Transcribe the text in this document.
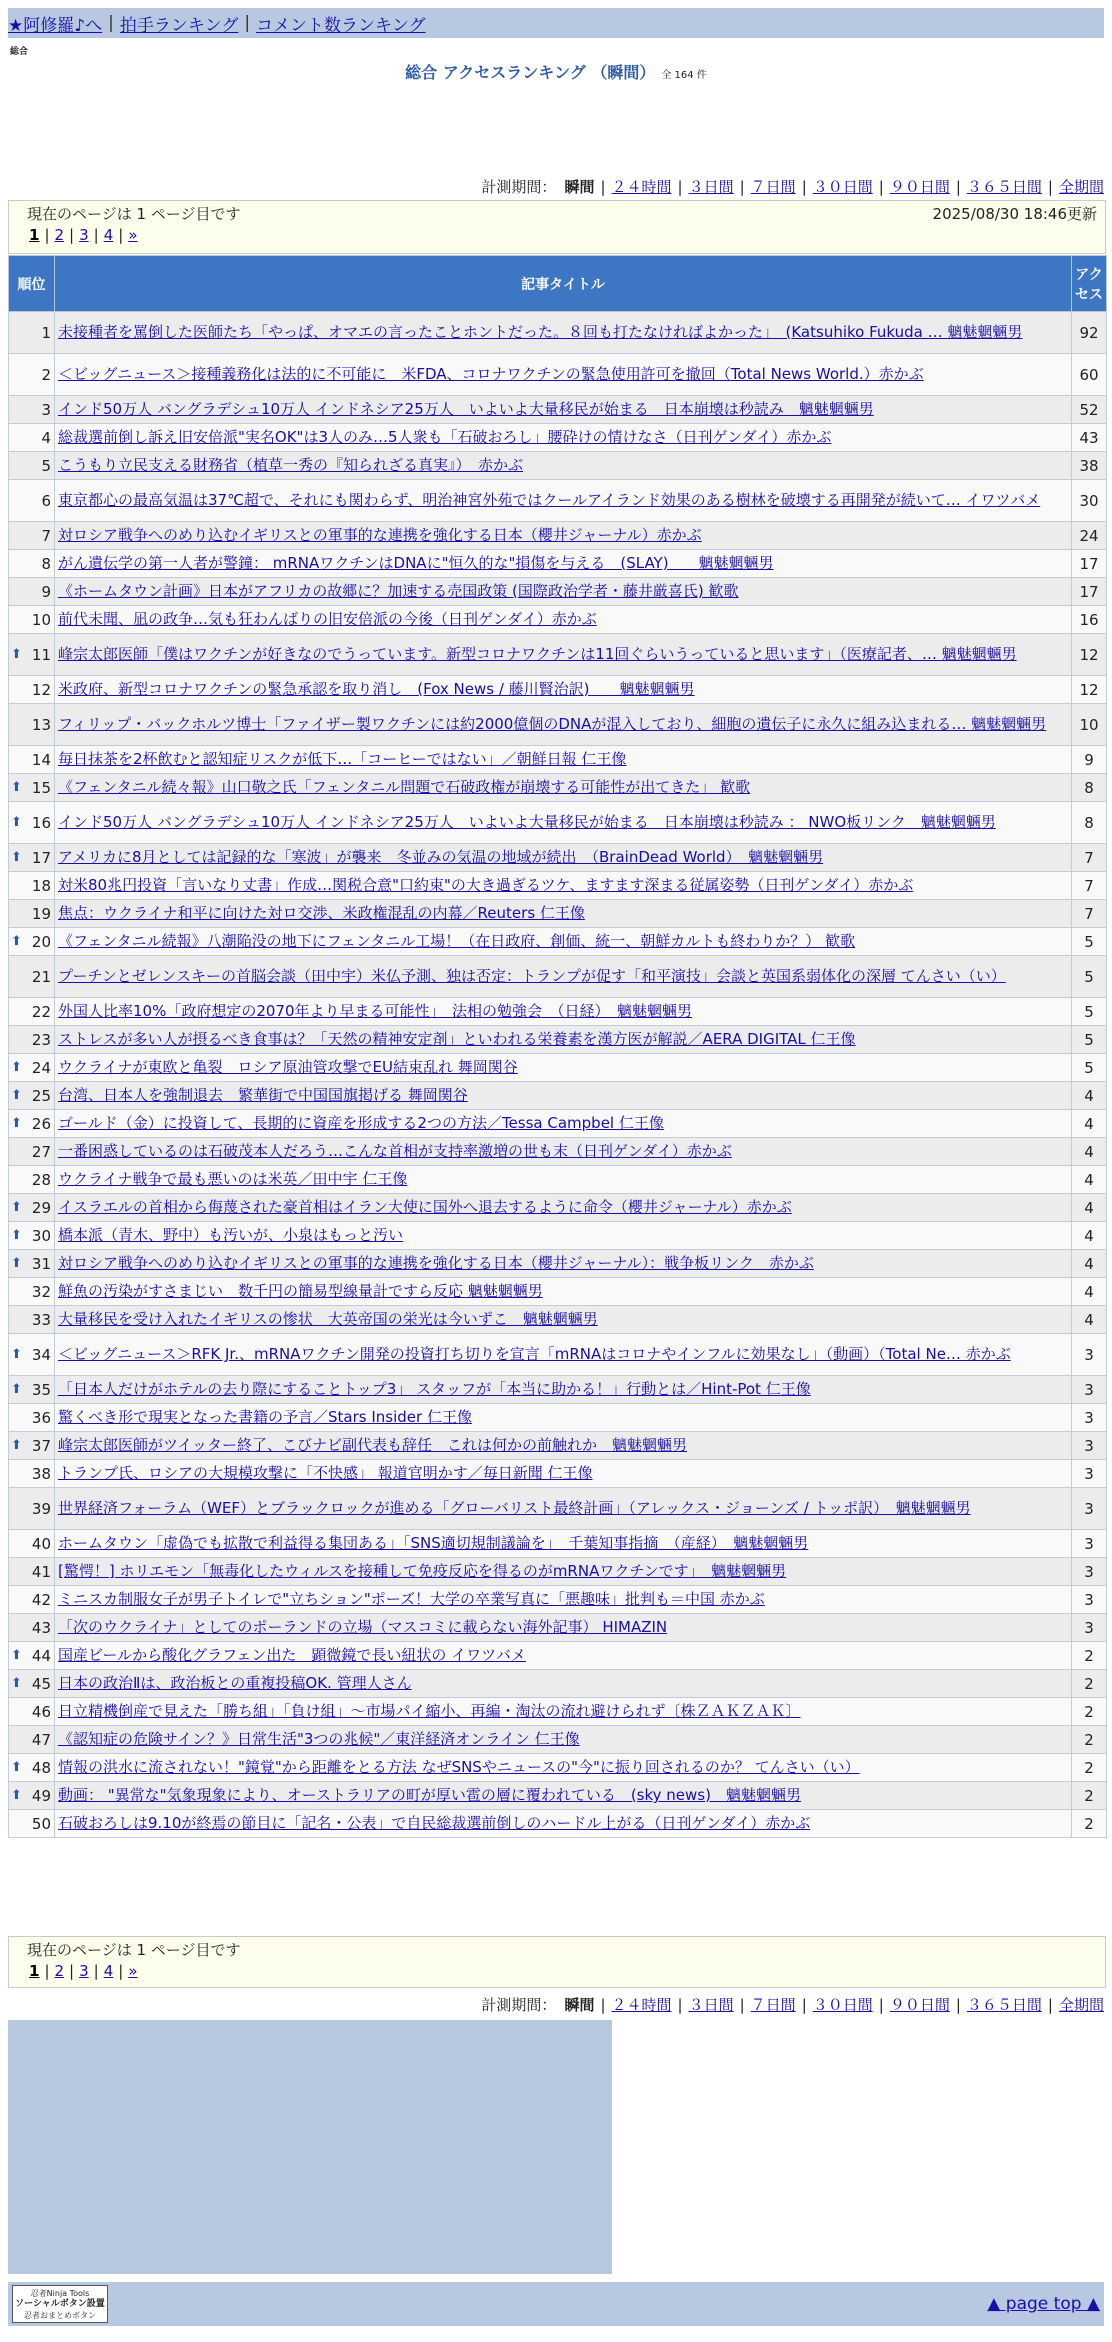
★阿修羅♪へ | 拍手ランキング | コメント数ランキング
総合
総合 アクセスランキング （瞬間） 全 164 件
計測期間： 瞬間 | ２４時間 | ３日間 | ７日間 | ３０日間 | ９０日間 | ３６５日間 | 全期間
現在のページは 1 ページ目です	2025/08/30 18:46更新
1 | 2 | 3 | 4 | »
順位	記事タイトル	アクセス
1	未接種者を罵倒した医師たち「やっぱ、オマエの言ったことホントだった。８回も打たなければよかった」　(Katsuhiko Fukuda … 魑魅魍魎男	92
2	＜ビッグニュース＞接種義務化は法的に不可能に　米FDA、コロナワクチンの緊急使用許可を撤回（Total News World.）赤かぶ	60
3	インド50万人 バングラデシュ10万人 インドネシア25万人　いよいよ大量移民が始まる　日本崩壊は秒読み　魑魅魍魎男	52
4	総裁選前倒し訴え旧安倍派"実名OK"は3人のみ…5人衆も「石破おろし」腰砕けの情けなさ（日刊ゲンダイ）赤かぶ	43
5	こうもり立民支える財務省（植草一秀の『知られざる真実』）　赤かぶ	38
6	東京都心の最高気温は37℃超で、それにも関わらず、明治神宮外苑ではクールアイランド効果のある樹林を破壊する再開発が続いて… イワツバメ	30
7	対ロシア戦争へのめり込むイギリスとの軍事的な連携を強化する日本（櫻井ジャーナル）赤かぶ	24
8	がん遺伝学の第一人者が警鐘： mRNAワクチンはDNAに"恒久的な"損傷を与える　(SLAY)　　魑魅魍魎男	17
9	《ホームタウン計画》日本がアフリカの故郷に？加速する売国政策 (国際政治学者・藤井厳喜氏) 歓歌	17
10	前代未聞、凪の政争…気も狂わんばりの旧安倍派の今後（日刊ゲンダイ）赤かぶ	16

⬆ 11	峰宗太郎医師「僕はワクチンが好きなのでうっています。新型コロナワクチンは11回ぐらいうっていると思います」（医療記者、… 魑魅魍魎男	12
12	米政府、新型コロナワクチンの緊急承認を取り消し　(Fox News / 藤川賢治訳)　　魑魅魍魎男	12
13	フィリップ・バックホルツ博士「ファイザー製ワクチンには約2000億個のDNAが混入しており、細胞の遺伝子に永久に組み込まれる… 魑魅魍魎男	10
14	毎日抹茶を2杯飲むと認知症リスクが低下…「コーヒーではない」／朝鮮日報 仁王像	9

⬆ 15	《フェンタニル続々報》山口敬之氏「フェンタニル問題で石破政権が崩壊する可能性が出てきた」 歓歌	8

⬆ 16	インド50万人 バングラデシュ10万人 インドネシア25万人　いよいよ大量移民が始まる　日本崩壊は秒読み ： NWO板リンク　魑魅魍魎男	8

⬆ 17	アメリカに8月としては記録的な「寒波」が襲来　冬並みの気温の地域が続出　（BrainDead World）　魑魅魍魎男	7
18	対米80兆円投資「言いなり丈書」作成…関税合意"口約束"の大き過ぎるツケ、ますます深まる従属姿勢（日刊ゲンダイ）赤かぶ	7
19	焦点：ウクライナ和平に向けた対ロ交渉、米政権混乱の内幕／Reuters 仁王像	7

⬆ 20	《フェンタニル続報》八潮陥没の地下にフェンタニル工場！（在日政府、創価、統一、朝鮮カルトも終わりか？） 歓歌	5
21	プーチンとゼレンスキーの首脳会談（田中宇）米仏予測、独は否定：トランプが促す「和平演技」会談と英国系弱体化の深層 てんさい（い）	5
22	外国人比率10%「政府想定の2070年より早まる可能性」　法相の勉強会　（日経）　魑魅魍魎男	5
23	ストレスが多い人が摂るべき食事は？「天然の精神安定剤」といわれる栄養素を漢方医が解説／AERA DIGITAL 仁王像	5

⬆ 24	ウクライナが東欧と亀裂　ロシア原油管攻撃でEU結束乱れ 舞岡関谷	5

⬆ 25	台湾、日本人を強制退去　繁華街で中国国旗掲げる 舞岡関谷	4

⬆ 26	ゴールド（金）に投資して、長期的に資産を形成する2つの方法／Tessa Campbel 仁王像	4
27	一番困惑しているのは石破茂本人だろう…こんな首相が支持率激増の世も末（日刊ゲンダイ）赤かぶ	4
28	ウクライナ戦争で最も悪いのは米英／田中宇 仁王像	4

⬆ 29	イスラエルの首相から侮蔑された豪首相はイラン大使に国外へ退去するように命令（櫻井ジャーナル）赤かぶ	4

⬆ 30	橋本派（青木、野中）も汚いが、小泉はもっと汚い	4

⬆ 31	対ロシア戦争へのめり込むイギリスとの軍事的な連携を強化する日本（櫻井ジャーナル）：戦争板リンク　赤かぶ	4
32	鮮魚の汚染がすさまじい　数千円の簡易型線量計ですら反応 魑魅魍魎男	4
33	大量移民を受け入れたイギリスの惨状　大英帝国の栄光は今いずこ　魑魅魍魎男	4

⬆ 34	＜ビッグニュース＞RFK Jr.、mRNAワクチン開発の投資打ち切りを宣言「mRNAはコロナやインフルに効果なし」（動画）（Total Ne… 赤かぶ	3

⬆ 35	「日本人だけがホテルの去り際にすることトップ3」 スタッフが「本当に助かる！」行動とは／Hint-Pot 仁王像	3
36	驚くべき形で現実となった書籍の予言／Stars Insider 仁王像	3

⬆ 37	峰宗太郎医師がツイッター終了、こびナビ副代表も辞任　これは何かの前触れか　魑魅魍魎男	3
38	トランプ氏、ロシアの大規模攻撃に「不快感」 報道官明かす／毎日新聞 仁王像	3
39	世界経済フォーラム（WEF）とブラックロックが進める「グローバリスト最終計画」（アレックス・ジョーンズ / トッポ訳）　魑魅魍魎男	3
40	ホームタウン「虚偽でも拡散で利益得る集団ある」「SNS適切規制議論を」　千葉知事指摘　（産経）　魑魅魍魎男	3
41	[驚愕！] ホリエモン「無毒化したウィルスを接種して免疫反応を得るのがmRNAワクチンです」　魑魅魍魎男	3
42	ミニスカ制服女子が男子トイレで"立ちション"ポーズ！大学の卒業写真に「悪趣味」批判も＝中国 赤かぶ	3
43	「次のウクライナ」としてのポーランドの立場（マスコミに載らない海外記事） HIMAZIN	3

⬆ 44	国産ビールから酸化グラフェン出た　顕微鏡で長い紐状の イワツバメ	2

⬆ 45	日本の政治Ⅱは、政治板との重複投稿OK. 管理人さん	2
46	日立精機倒産で見えた「勝ち組」「負け組」〜市場パイ縮小、再編・淘汰の流れ避けられず〔株ＺＡＫＺＡＫ〕	2
47	《認知症の危険サイン？》日常生活"3つの兆候"／東洋経済オンライン 仁王像	2

⬆ 48	情報の洪水に流されない！"鏡覚"から距離をとる方法 なぜSNSやニュースの"今"に振り回されるのか？ てんさい（い）	2

⬆ 49	動画： "異常な"気象現象により、オーストラリアの町が厚い雹の層に覆われている　(sky news)　魑魅魍魎男	2
50	石破おろしは9.10が終焉の節目に「記名・公表」で自民総裁選前倒しのハードル上がる（日刊ゲンダイ）赤かぶ	2
現在のページは 1 ページ目です
1 | 2 | 3 | 4 | »
計測期間： 瞬間 | ２４時間 | ３日間 | ７日間 | ３０日間 | ９０日間 | ３６５日間 | 全期間
忍者Ninja Tools
ソーシャルボタン設置
忍者おまとめボタン
▲ page top ▲
